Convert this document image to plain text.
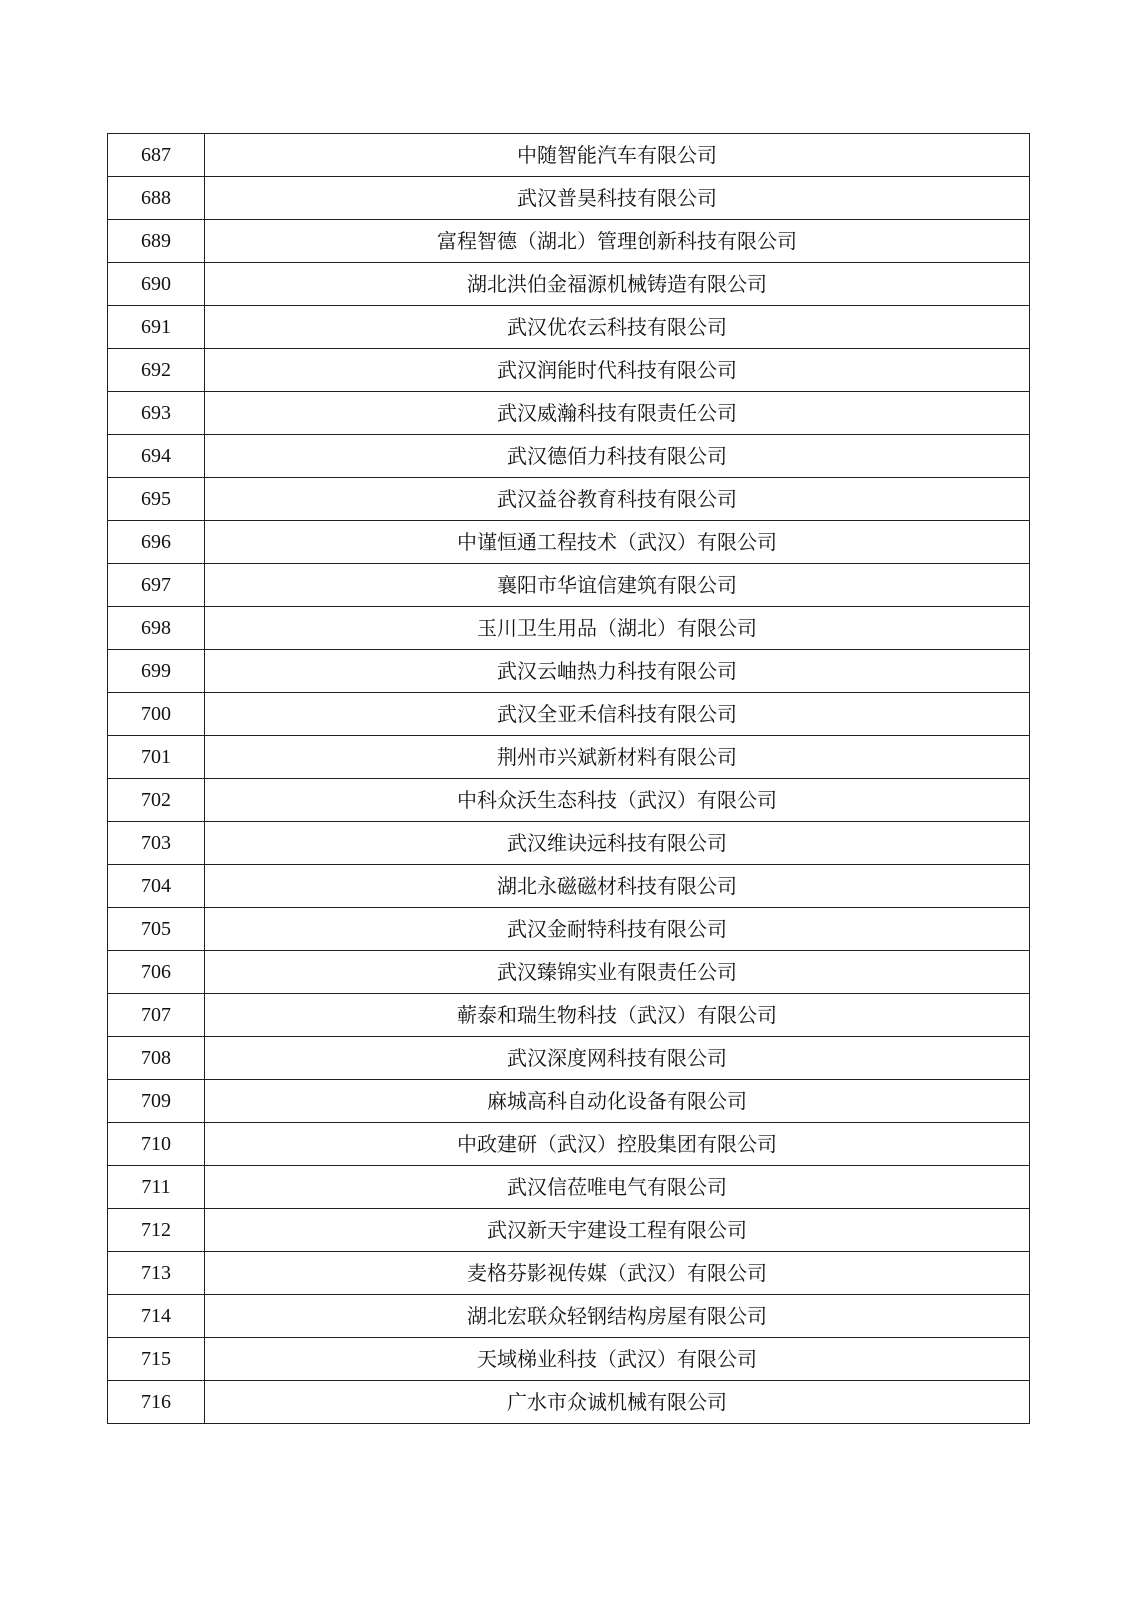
687	中随智能汽车有限公司
688	武汉普昊科技有限公司
689	富程智德（湖北）管理创新科技有限公司
690	湖北洪伯金福源机械铸造有限公司
691	武汉优农云科技有限公司
692	武汉润能时代科技有限公司
693	武汉威瀚科技有限责任公司
694	武汉德佰力科技有限公司
695	武汉益谷教育科技有限公司
696	中谨恒通工程技术（武汉）有限公司
697	襄阳市华谊信建筑有限公司
698	玉川卫生用品（湖北）有限公司
699	武汉云岫热力科技有限公司
700	武汉全亚禾信科技有限公司
701	荆州市兴斌新材料有限公司
702	中科众沃生态科技（武汉）有限公司
703	武汉维诀远科技有限公司
704	湖北永磁磁材科技有限公司
705	武汉金耐特科技有限公司
706	武汉臻锦实业有限责任公司
707	蕲泰和瑞生物科技（武汉）有限公司
708	武汉深度网科技有限公司
709	麻城高科自动化设备有限公司
710	中政建研（武汉）控股集团有限公司
711	武汉信莅唯电气有限公司
712	武汉新天宇建设工程有限公司
713	麦格芬影视传媒（武汉）有限公司
714	湖北宏联众轻钢结构房屋有限公司
715	天域梯业科技（武汉）有限公司
716	广水市众诚机械有限公司
